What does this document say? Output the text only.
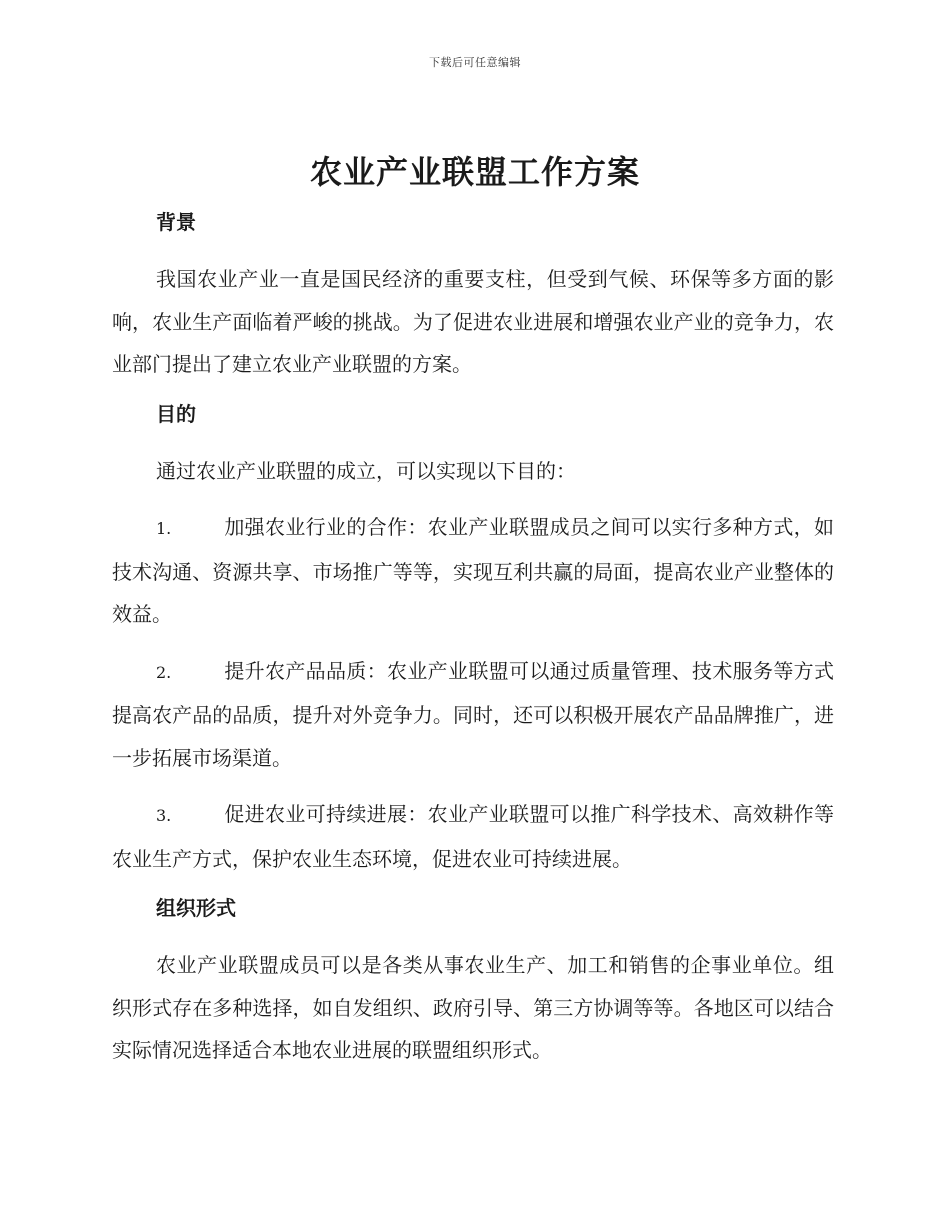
下载后可任意编辑
农业产业联盟工作方案
背景

我国农业产业一直是国民经济的重要支柱，但受到气候、环保等多方面的影响，农业生产面临着严峻的挑战。为了促进农业进展和增强农业产业的竞争力，农业部门提出了建立农业产业联盟的方案。

目的

通过农业产业联盟的成立，可以实现以下目的：

1.	加强农业行业的合作：农业产业联盟成员之间可以实行多种方式，如技术沟通、资源共享、市场推广等等，实现互利共赢的局面，提高农业产业整体的效益。

2.	提升农产品品质：农业产业联盟可以通过质量管理、技术服务等方式提高农产品的品质，提升对外竞争力。同时，还可以积极开展农产品品牌推广，进一步拓展市场渠道。

3.	促进农业可持续进展：农业产业联盟可以推广科学技术、高效耕作等农业生产方式，保护农业生态环境，促进农业可持续进展。

组织形式

农业产业联盟成员可以是各类从事农业生产、加工和销售的企事业单位。组织形式存在多种选择，如自发组织、政府引导、第三方协调等等。各地区可以结合实际情况选择适合本地农业进展的联盟组织形式。
